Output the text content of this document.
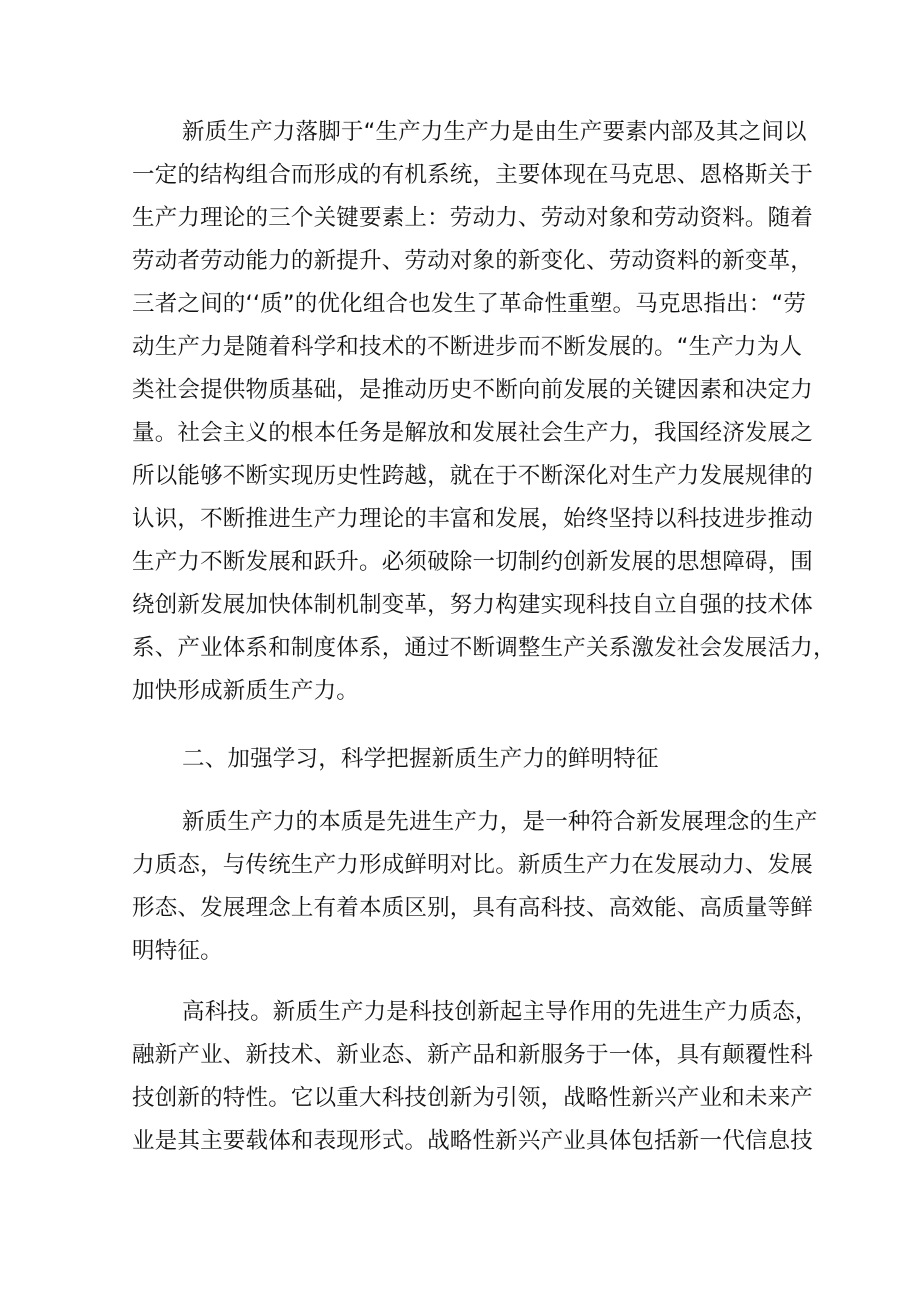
新质生产力落脚于“生产力生产力是由生产要素内部及其之间以
一定的结构组合而形成的有机系统，主要体现在马克思、恩格斯关于
生产力理论的三个关键要素上：劳动力、劳动对象和劳动资料。随着
劳动者劳动能力的新提升、劳动对象的新变化、劳动资料的新变革，
三者之间的‘‘质”的优化组合也发生了革命性重塑。马克思指出：“劳
动生产力是随着科学和技术的不断进步而不断发展的。“生产力为人
类社会提供物质基础，是推动历史不断向前发展的关键因素和决定力
量。社会主义的根本任务是解放和发展社会生产力，我国经济发展之
所以能够不断实现历史性跨越，就在于不断深化对生产力发展规律的
认识，不断推进生产力理论的丰富和发展，始终坚持以科技进步推动
生产力不断发展和跃升。必须破除一切制约创新发展的思想障碍，围
绕创新发展加快体制机制变革，努力构建实现科技自立自强的技术体
系、产业体系和制度体系，通过不断调整生产关系激发社会发展活力，
加快形成新质生产力。
二、加强学习，科学把握新质生产力的鲜明特征
新质生产力的本质是先进生产力，是一种符合新发展理念的生产
力质态，与传统生产力形成鲜明对比。新质生产力在发展动力、发展
形态、发展理念上有着本质区别，具有高科技、高效能、高质量等鲜
明特征。
高科技。新质生产力是科技创新起主导作用的先进生产力质态，
融新产业、新技术、新业态、新产品和新服务于一体，具有颠覆性科
技创新的特性。它以重大科技创新为引领，战略性新兴产业和未来产
业是其主要载体和表现形式。战略性新兴产业具体包括新一代信息技
